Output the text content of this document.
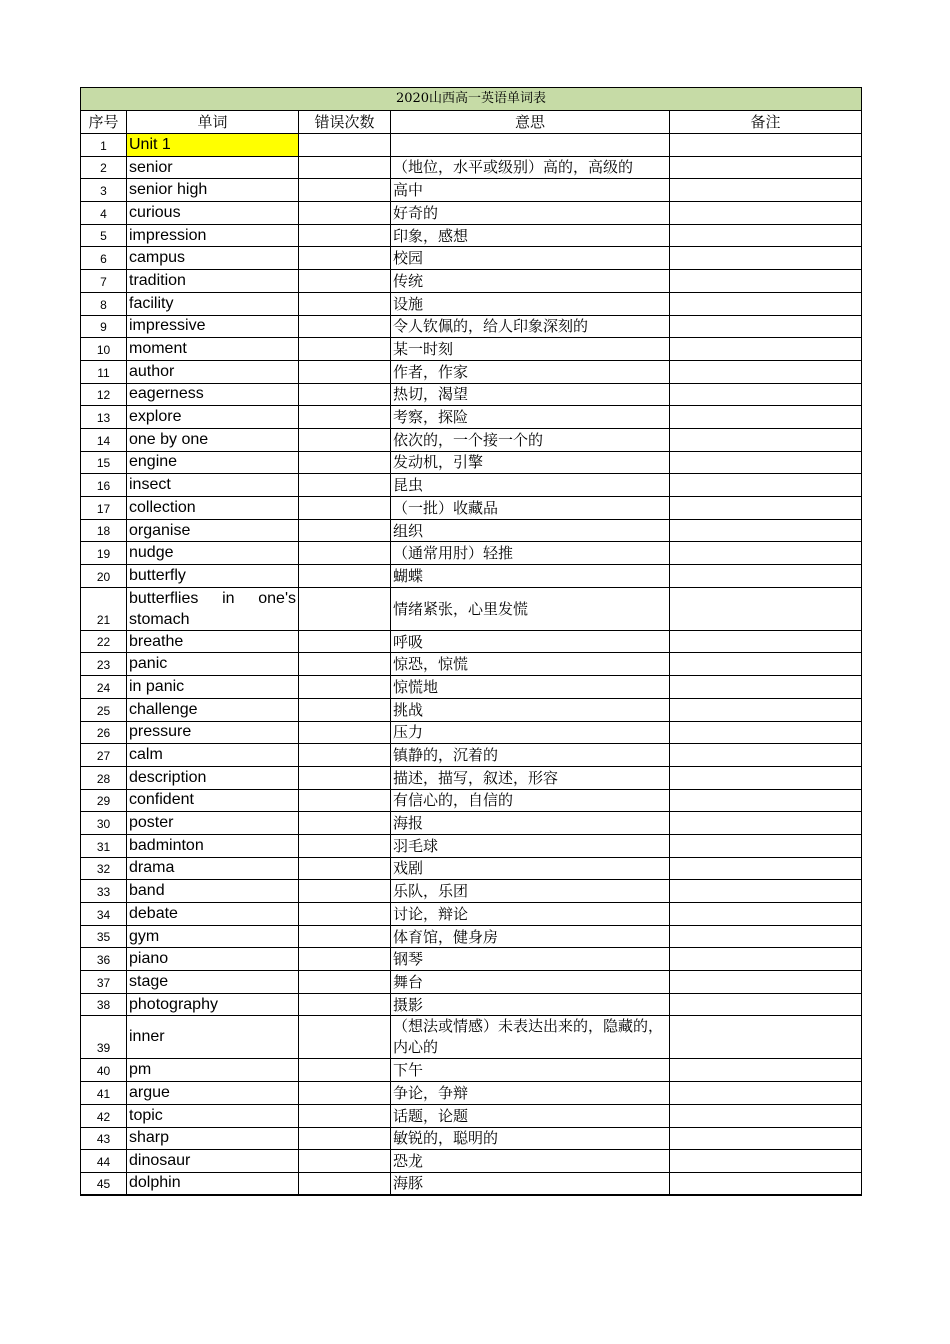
2020山西高一英语单词表				
序号	单词	错误次数	意思	备注
1	Unit 1			
2	senior		（地位，水平或级别）高的，高级的	
3	senior high		高中	
4	curious		好奇的	
5	impression		印象，感想	
6	campus		校园	
7	tradition		传统	
8	facility		设施	
9	impressive		令人钦佩的，给人印象深刻的	
10	moment		某一时刻	
11	author		作者，作家	
12	eagerness		热切，渴望	
13	explore		考察，探险	
14	one by one		依次的，一个接一个的	
15	engine		发动机，引擎	
16	insect		昆虫	
17	collection		（一批）收藏品	
18	organise		组织	
19	nudge		（通常用肘）轻推	
20	butterfly		蝴蝶	
21	butterflies in one's stomach		情绪紧张，心里发慌	
22	breathe		呼吸	
23	panic		惊恐，惊慌	
24	in panic		惊慌地	
25	challenge		挑战	
26	pressure		压力	
27	calm		镇静的，沉着的	
28	description		描述，描写，叙述，形容	
29	confident		有信心的，自信的	
30	poster		海报	
31	badminton		羽毛球	
32	drama		戏剧	
33	band		乐队，乐团	
34	debate		讨论，辩论	
35	gym		体育馆，健身房	
36	piano		钢琴	
37	stage		舞台	
38	photography		摄影	
39	inner		（想法或情感）未表达出来的，隐藏的，内心的	
40	pm		下午	
41	argue		争论，争辩	
42	topic		话题，论题	
43	sharp		敏锐的，聪明的	
44	dinosaur		恐龙	
45	dolphin		海豚	
